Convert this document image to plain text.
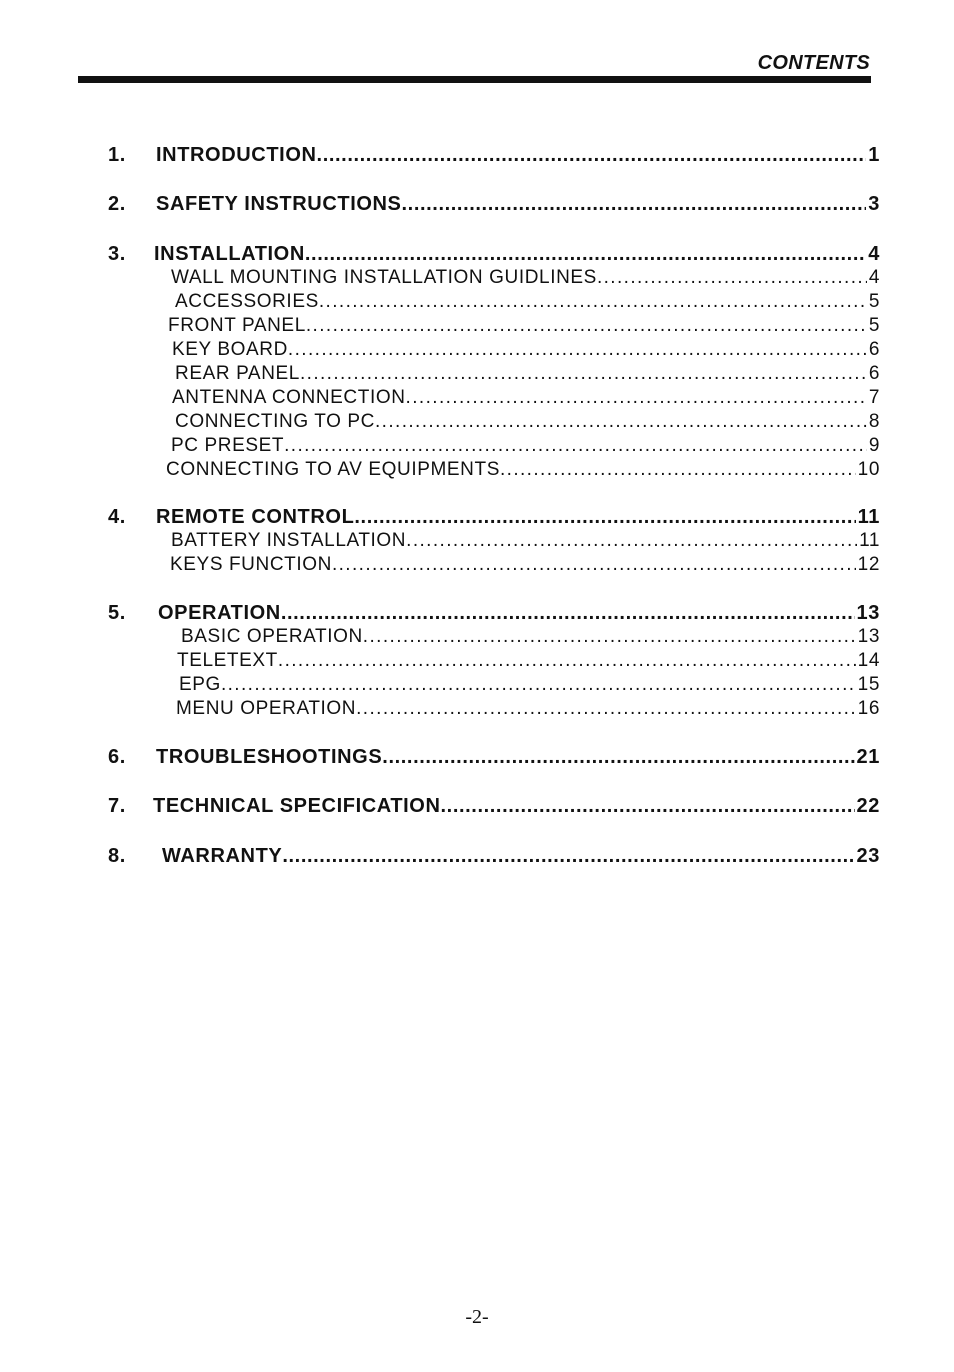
CONTENTS
1.	INTRODUCTION .....	1
2.	SAFETY INSTRUCTIONS .....	3
3.	INSTALLATION .....	4
WALL MOUNTING INSTALLATION GUIDLINES .....	4
ACCESSORIES .....	5
FRONT PANEL .....	5
KEY BOARD .....	6
REAR PANEL .....	6
ANTENNA CONNECTION .....	7
CONNECTING TO PC .....	8
PC PRESET .....	9
CONNECTING TO AV EQUIPMENTS .....	10
4.	REMOTE CONTROL .....	11
BATTERY INSTALLATION .....	11
KEYS FUNCTION .....	12
5.	OPERATION .....	13
BASIC OPERATION .....	13
TELETEXT .....	14
EPG .....	15
MENU OPERATION .....	16
6.	TROUBLESHOOTINGS .....	21
7.	TECHNICAL SPECIFICATION .....	22
8.	WARRANTY .....	23
-2-
